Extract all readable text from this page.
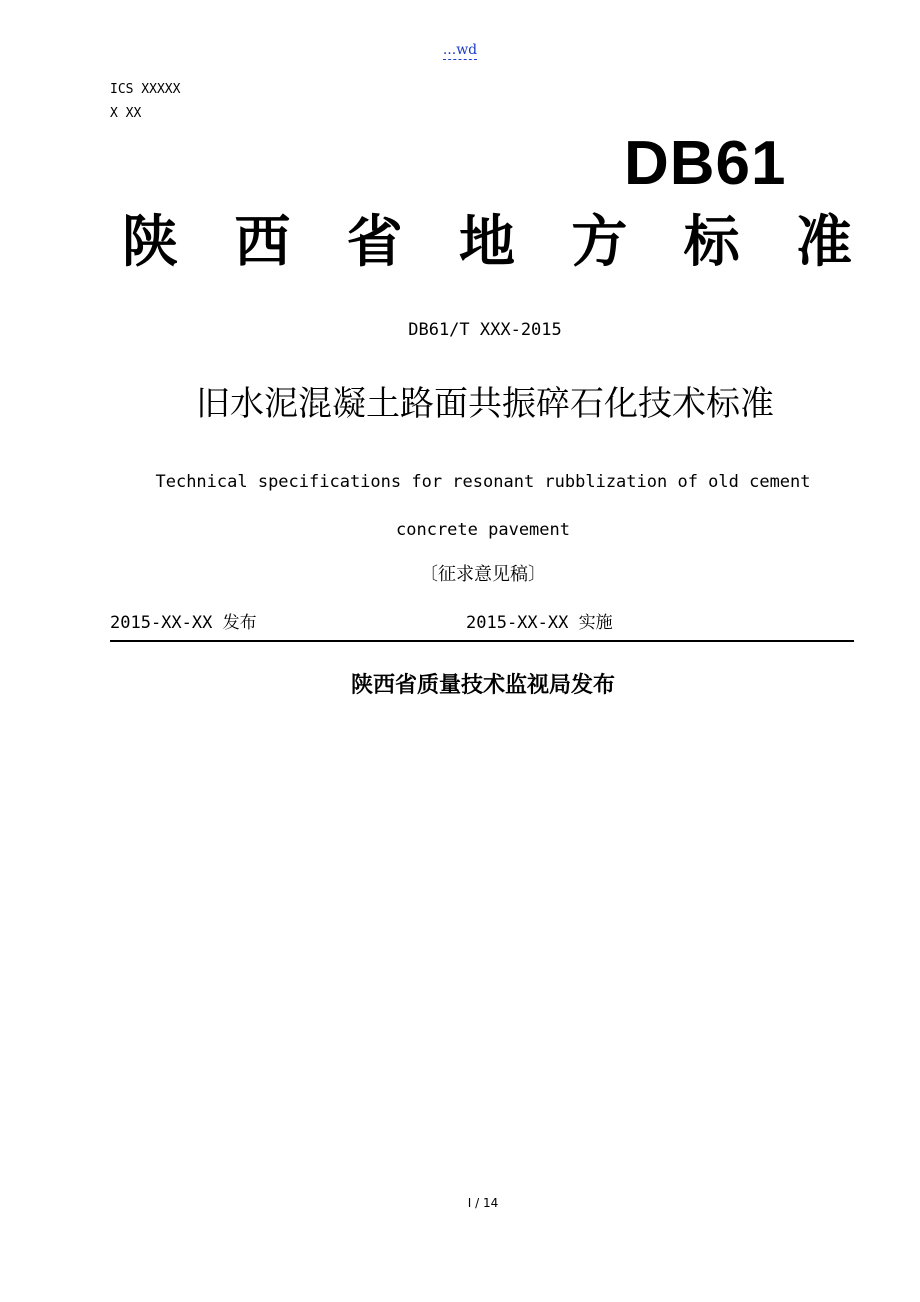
...wd
ICS XXXXX
X XX
DB61
陕 西 省 地 方 标 准
DB61/T XXX-2015
旧水泥混凝土路面共振碎石化技术标准
Technical specifications for resonant rubblization of old cement
concrete pavement
〔征求意见稿〕
2015-XX-XX 发布	2015-XX-XX 实施
陕西省质量技术监视局发布
I / 14
